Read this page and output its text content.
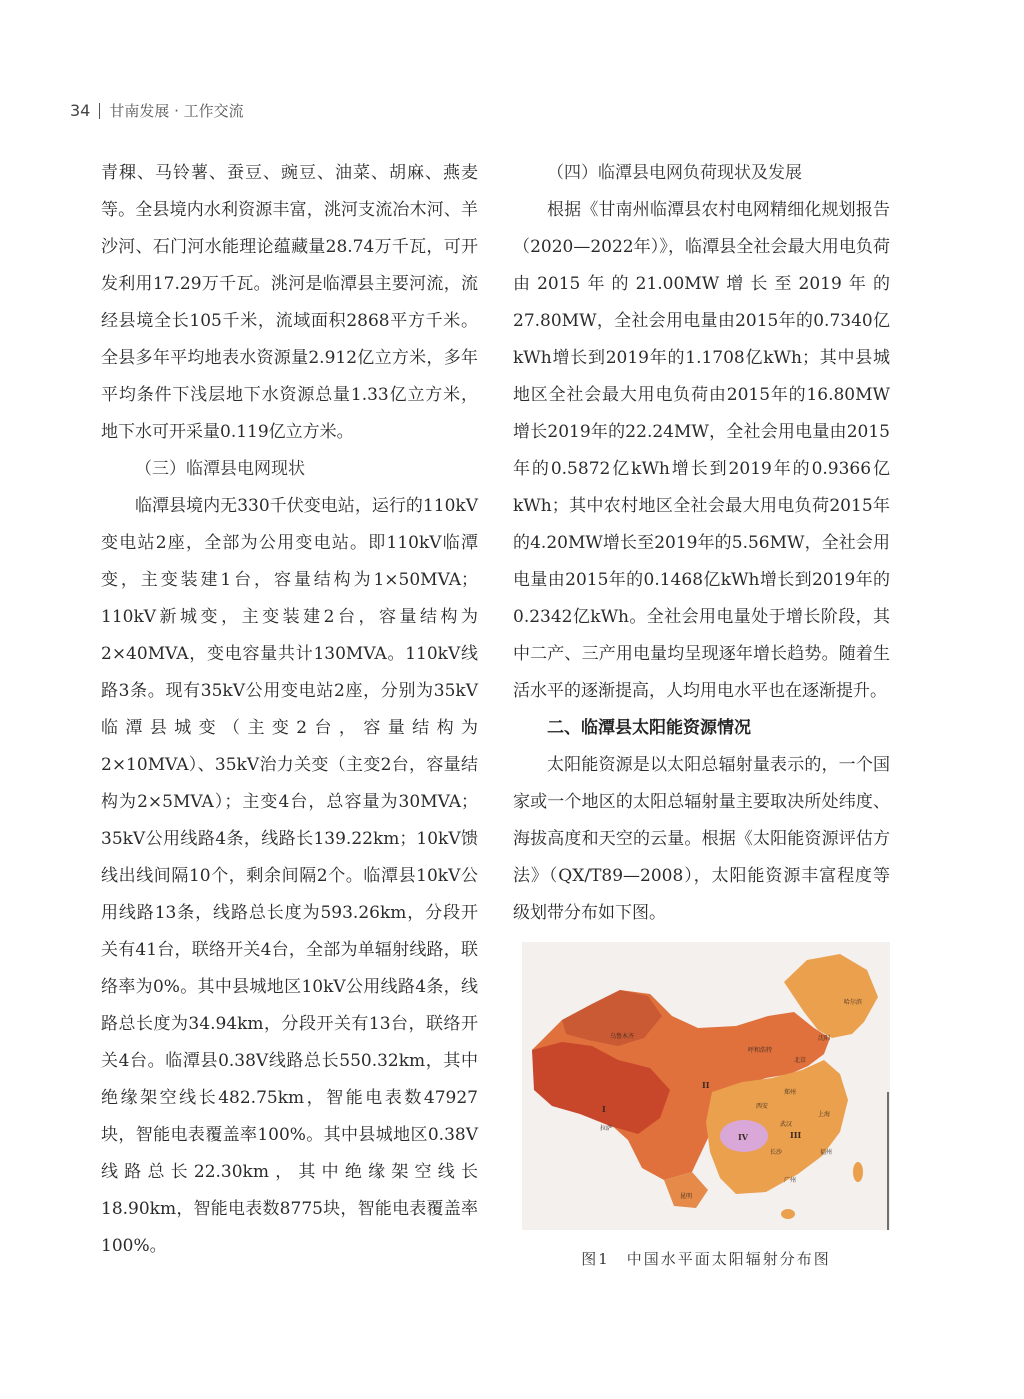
34 甘南发展 · 工作交流

青稞、马铃薯、蚕豆、豌豆、油菜、胡麻、燕麦等。全县境内水利资源丰富，洮河支流冶木河、羊沙河、石门河水能理论蕴藏量28.74万千瓦，可开发利用17.29万千瓦。洮河是临潭县主要河流，流经县境全长105千米，流域面积2868平方千米。全县多年平均地表水资源量2.912亿立方米，多年平均条件下浅层地下水资源总量1.33亿立方米，地下水可开采量0.119亿立方米。

（三）临潭县电网现状

临潭县境内无330千伏变电站，运行的110kV变电站2座，全部为公用变电站。即110kV临潭变，主变装建1台，容量结构为1×50MVA；110kV新城变，主变装建2台，容量结构为2×40MVA，变电容量共计130MVA。110kV线路3条。现有35kV公用变电站2座，分别为35kV临潭县城变（主变2台，容量结构为2×10MVA）、35kV治力关变（主变2台，容量结构为2×5MVA）；主变4台，总容量为30MVA；35kV公用线路4条，线路长139.22km；10kV馈线出线间隔10个，剩余间隔2个。临潭县10kV公用线路13条，线路总长度为593.26km，分段开关有41台，联络开关4台，全部为单辐射线路，联络率为0%。其中县城地区10kV公用线路4条，线路总长度为34.94km，分段开关有13台，联络开关4台。临潭县0.38V线路总长550.32km，其中绝缘架空线长482.75km，智能电表数47927块，智能电表覆盖率100%。其中县城地区0.38V线路总长22.30km，其中绝缘架空线长18.90km，智能电表数8775块，智能电表覆盖率100%。

（四）临潭县电网负荷现状及发展

根据《甘南州临潭县农村电网精细化规划报告（2020—2022年）》，临潭县全社会最大用电负荷由2015年的21.00MW增长至2019年的27.80MW，全社会用电量由2015年的0.7340亿kWh增长到2019年的1.1708亿kWh；其中县城地区全社会最大用电负荷由2015年的16.80MW增长2019年的22.24MW，全社会用电量由2015年的0.5872亿kWh增长到2019年的0.9366亿kWh；其中农村地区全社会最大用电负荷2015年的4.20MW增长至2019年的5.56MW，全社会用电量由2015年的0.1468亿kWh增长到2019年的0.2342亿kWh。全社会用电量处于增长阶段，其中二产、三产用电量均呈现逐年增长趋势。随着生活水平的逐渐提高，人均用电水平也在逐渐提升。

二、临潭县太阳能资源情况

太阳能资源是以太阳总辐射量表示的，一个国家或一个地区的太阳总辐射量主要取决所处纬度、海拔高度和天空的云量。根据《太阳能资源评估方法》（QX/T89—2008），太阳能资源丰富程度等级划带分布如下图。

I
II
III
IV
乌鲁木齐
拉萨
呼和浩特
沈阳
哈尔滨
北京
郑州
西安
武汉
上海
长沙	福州
广州
昆明
图1　中国水平面太阳辐射分布图
